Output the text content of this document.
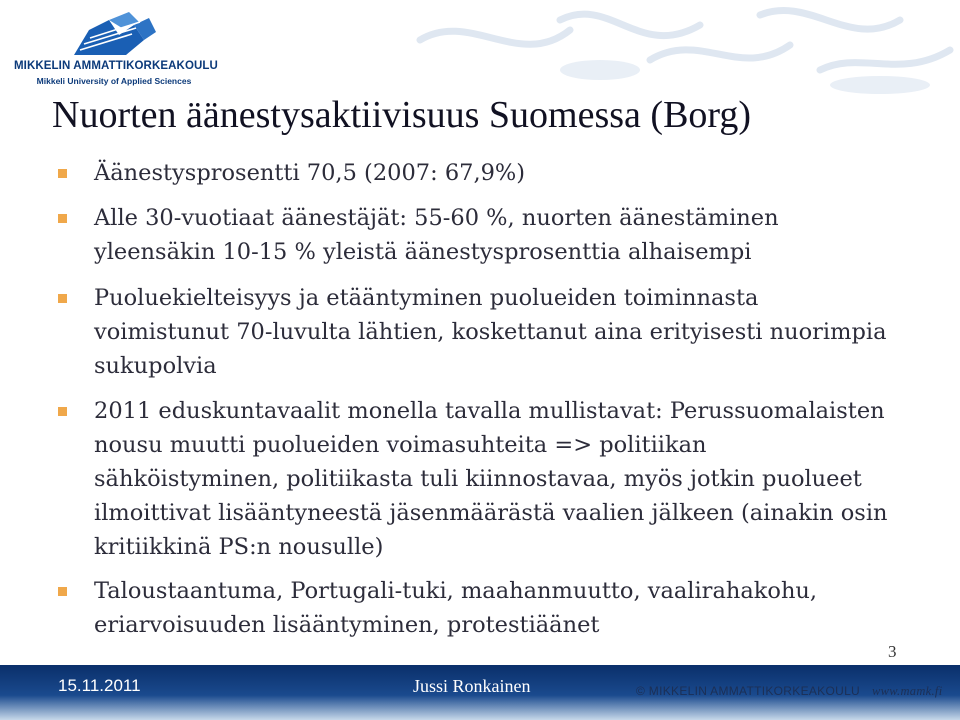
MIKKELIN AMMATTIKORKEAKOULU
Mikkeli University of Applied Sciences
Nuorten äänestysaktiivisuus Suomessa (Borg)
Äänestysprosentti 70,5 (2007: 67,9%)
Alle 30-vuotiaat äänestäjät: 55-60 %, nuorten äänestäminen yleensäkin 10-15 % yleistä äänestysprosenttia alhaisempi
Puoluekielteisyys ja etääntyminen puolueiden toiminnasta voimistunut 70-luvulta lähtien, koskettanut aina erityisesti nuorimpia sukupolvia
2011 eduskuntavaalit monella tavalla mullistavat: Perussuomalaisten nousu muutti puolueiden voimasuhteita => politiikan sähköistyminen, politiikasta tuli kiinnostavaa, myös jotkin puolueet ilmoittivat lisääntyneestä jäsenmäärästä vaalien jälkeen (ainakin osin kritiikkinä PS:n nousulle)
Taloustaantuma, Portugali-tuki, maahanmuutto, vaalirahakohu, eriarvoisuuden lisääntyminen, protestiäänet
3
15.11.2011	Jussi Ronkainen	© MIKKELIN AMMATTIKORKEAKOULU www.mamk.fi
